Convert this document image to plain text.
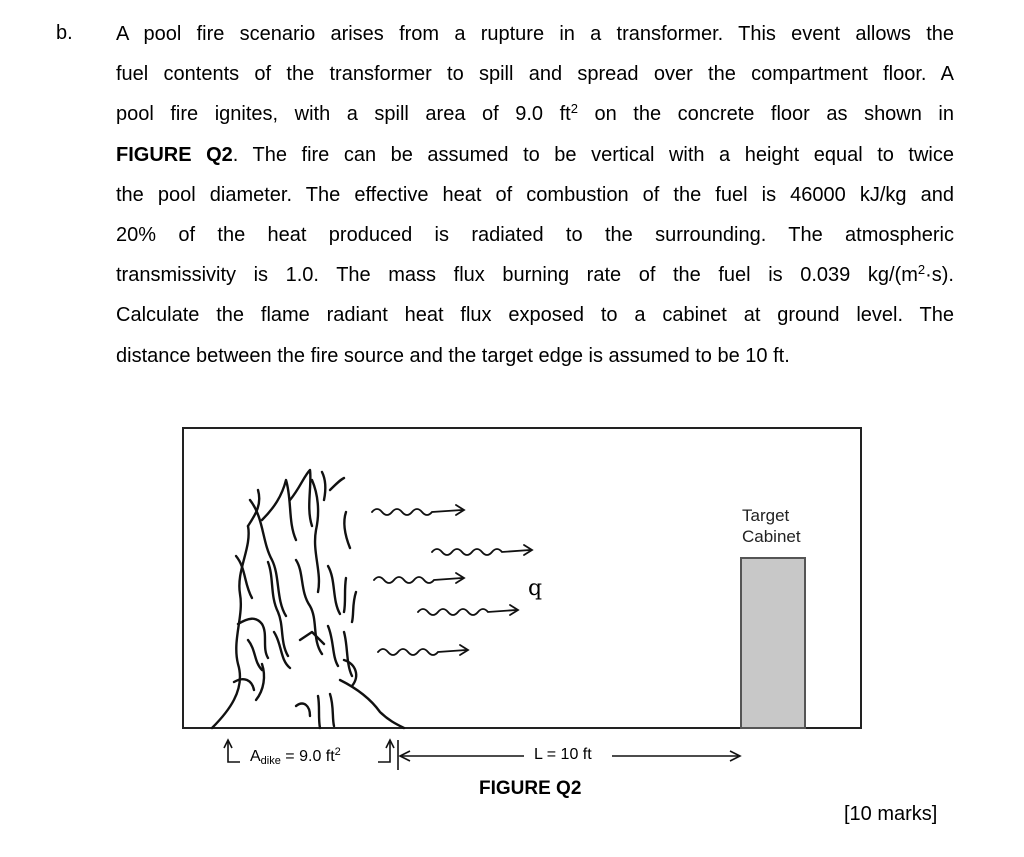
b. A pool fire scenario arises from a rupture in a transformer. This event allows the
fuel contents of the transformer to spill and spread over the compartment floor. A
pool fire ignites, with a spill area of 9.0 $ft^2$ on the concrete floor as shown in
FIGURE Q2. The fire can be assumed to be vertical with a height equal to twice
the pool diameter. The effective heat of combustion of the fuel is 46000 kJ/kg and
20% of the heat produced is radiated to the surrounding. The atmospheric
transmissivity is 1.0. The mass flux burning rate of the fuel is 0.039 $kg/(m^2\cdot s)$.
Calculate the flame radiant heat flux exposed to a cabinet at ground level. The
distance between the fire source and the target edge is assumed to be 10 ft.
Target
Cabinet
q
$A_{dike} = 9.0$ $ft^2$	L = 10 ft
FIGURE Q2
[10 marks]
